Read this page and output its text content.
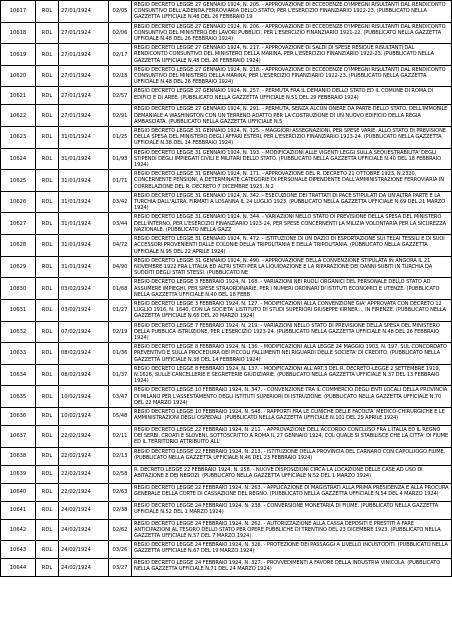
10617	RDL	27/01/1924	02/05	REGIO DECRETO LEGGE 27 GENNAIO 1924, N. 205. - APPROVAZIONE DI ECCEDENZE D'IMPEGNI RISULTANTI DAL RENDICONTO CONSUNTIVO DELL'AZIENDA FERROVIARIA DELLO STATO, PER L'ESERCIZIO FINANZIARIO 1922-23. (PUBBLICATO NELLA GAZZETTA UFFICIALE N.48 DEL 26 FEBBRAIO 19
10618	RDL	27/01/1924	02/06	REGIO DECRETO LEGGE 27 GENNAIO 1924, N. 206. - APPROVAZIONE DI ECCEDENZE D'IMPEGNI RISULTANTI DAL RENDICONTO CONSUNTIVO DEL MINISTERO DEI LAVORI PUBBLICI, PER L'ESERCIZIO FINANZIARIO 1921-22. (PUBBLICATO NELLA GAZZETTA UFFICIALE N.48 DEL 26 FEBBRAIO 1924)
10619	RDL	27/01/1924	02/17	REGIO DECRETO LEGGE 27 GENNAIO 1924, N. 217. - APPROVAZIONE DI SALDI DI SPESE RESIDUE RISULTANTI DAL RENDICONTO CONSUNTIVO DEL MINISTERO DELLA MARINA, PER L'ESERCIZIO FINANZIARIO 1922-23. (PUBBLICATO NELLA GAZZETTA UFFICIALE N.48 DEL 26 FEBBRAIO 1924)
10620	RDL	27/01/1924	02/18	REGIO DECRETO LEGGE 27 GENNAIO 1924, N. 218. - APPROVAZIONE DI ECCEDENZE D'IMPEGNI RISULTANTI DAL RENDICONTO CONSUNTIVO DEL MINISTERO DELLA MARINA, PER L'ESERCIZIO FINANZIARIO 1922-23. (PUBBLICATO NELLA GAZZETTA UFFICIALE N.48 DEL 26 FEBBRAIO 1924)
10621	RDL	27/01/1924	02/57	REGIO DECRETO LEGGE 27 GENNAIO 1924, N. 257. - PERMUTA FRA IL DEMANIO DELLO STATO ED IL COMUNE DI ROMA DI EDIFICI E DI AREE. (PUBBLICATO NELLA GAZZETTA UFFICIALE N.51 DEL 29 FEBBRAIO 1924)
10622	RDL	27/01/1924	02/91	REGIO DECRETO LEGGE 27 GENNAIO 1924, N. 291. - PERMUTA, SENZA ALCUN ONERE DA PARTE DELLO STATO, DELL'IMMOBILE DEMANIALE A WASHINGTON CON UN TERRENO ADATTO PER LA COSTRUZIONE DI UN NUOVO EDIFICIO DELLA REGIA AMBASCIATA. (PUBBLICATO NELLA GAZZETTA UFFICIALE N.5
10623	RDL	31/01/1924	01/25	REGIO DECRETO LEGGE 31 GENNAIO 1924, N. 125. - MAGGIORI ASSEGNAZIONI, PER SPESE VARIE, ALLO STATO DI PREVISIONE DELLA SPESA DEL MINISTERO DEGLI AFFARI ESTERI, PER L'ESERCIZIO FINANZIARIO 1923-24. (PUBBLICATO NELLA GAZZETTA UFFICIALE N.38 DEL 14 FEBBRAIO 1924)
10624	RDL	31/01/1924	01/93	REGIO DECRETO LEGGE 31 GENNAIO 1924, N. 193. - MODIFICAZIONI ALLE VIGENTI LEGGI SULLA SEQUESTRABILITA' DEGLI STIPENDI DEGLI IMPIEGATI CIVILI E MILITARI DELLO STATO. (PUBBLICATO NELLA GAZZETTA UFFICIALE N.40 DEL 18 FEBBRAIO 1924)
10625	RDL	31/01/1924	01/71	REGIO DECRETO LEGGE 31 GENNAIO 1924, N. 171. - APPROVAZIONE DEL R. DECRETO 21 OTTOBRE 1923, N.2320, CONCERNENTE PENSIONI, A DETERMINATE CATEGORIE DI PERSONALE DIPENDENTE DALL'AMMINISTRAZIONE FERROVIARIA IN CORRELAZIONE DEL R. DECRETO 7 DICEMBRE 1923, N.2
10626	RDL	31/01/1924	03/42	REGIO DECRETO LEGGE 31 GENNAIO 1924, N. 342. - ESECUZIONE DEI TRATTATI DI PACE STIPULATI DA UN'ALTRA PARTE E LA TURCHIA DALL'ALTRA, FIRMATI A LOSANNA IL 24 LUGLIO 1923. (PUBBLICATO NELLA GAZZETTA UFFICIALE N.69 DEL 21 MARZO 1924)
10627	RDL	31/01/1924	03/44	REGIO DECRETO LEGGE 31 GENNAIO 1924, N. 344. - VARIAZIONI NELLO STATO DI PREVISIONE DELLA SPESA DEL MINISTERO DELL'INTERNO, PER L'ESERCIZIO FINANZIARIO 1923-24, PER SPESE CONCERNENTI LA MILIZIA VOLONTARIA PER LA SICUREZZA NAZIONALE. (PUBBLICATO NELLA GAZZ
10628	RDL	31/01/1924	04/72	REGIO DECRETO LEGGE 31 GENNAIO 1924, N. 472. - ISTITUZIONE DI UN DAZIO DI ESPORTAZIONE SUI TELAI TESSILI E DI SUOI ACCESSORI PROVENIENTI DALLE COLONIE DELLA TRIPOLITANIA E DELLA TRIPOLITANIA. (PUBBLICATO NELLA GAZZETTA UFFICIALE N.95 DEL 22 APRILE 1924)
10629	RDL	31/01/1924	04/90	REGIO DECRETO LEGGE 31 GENNAIO 1924, N. 490. - APPROVAZIONE DELLA CONVENZIONE STIPULATA IN ANGORA IL 21 NOVEMBRE 1922 FRA L'ITALIA ED ALTRI STATI PER LA LIQUIDAZIONE E LA RIPARAZIONE DEI DANNI SUBITI IN TURCHIA DA SUDDITI DEGLI STATI STESSI. (PUBBLICATO NE
10630	RDL	03/02/1924	01/68	REGIO DECRETO LEGGE 3 FEBBRAIO 1924, N. 168. - VARIAZIONI NEI RUOLI ORGANICI DEL PERSONALE DELLO STATO AD ASSUMERE IMPIEGHI, PER SPESE STRAORDINARIE, PER I NUMERI ORDINARI DI ISTITUTI ECONOMICI E UTENZE. (PUBBLICATO NELLA GAZZETTA UFFICIALE N.40 DEL 18 FEBB
10631	RDL	03/02/1924	01/27	REGIO DECRETO LEGGE 3 FEBBRAIO 1924, N. 127. - MODIFICAZIONI ALLA CONVENZIONE GIA' APPROVATA CON DECRETO 12 LUGLIO 1916, N. 1640, CON LA SOCIETA' LISTITUTO DI STUDI SUPERIORI GIUSEPPE KIRNER..., IN FIRENZE. (PUBBLICATO NELLA GAZZETTA UFFICIALE N.66 DEL 20 MARZO 1924)
10632	RDL	07/02/1924	02/19	REGIO DECRETO LEGGE 7 FEBBRAIO 1924, N. 219. - VARIAZIONI NELLO STATO DI PREVISIONE DELLA SPESA DEL MINISTERO DELLA PUBBLICA ISTRUZIONE, PER L'ESERCIZIO 1923-24. (PUBBLICATO NELLA GAZZETTA UFFICIALE N.48 DEL 26 FEBBRAIO 1924)
10633	RDL	08/02/1924	01/36	REGIO DECRETO LEGGE 8 FEBBRAIO 1924, N. 136. - MODIFICAZIONI ALLA LEGGE 24 MAGGIO 1903, N. 197, SUL CONCORDATO PREVENTIVO E SULLA PROCEDURA DEI PICCOLI FALLIMENTI NEI RIGUARDI DELLE SOCIETA' DI CREDITO. (PUBBLICATO NELLA GAZZETTA UFFICIALE N.38 DEL 14 FEBBRAIO 1924)
10634	RDL	08/02/1924	01/37	REGIO DECRETO LEGGE 8 FEBBRAIO 1924, N. 137. - MODIFICAZIONI ALL'ART.3 DEL R. DECRETO-LEGGE 2 SETTEMBRE 1919, N.1626, SULLE CANCELLERIE E SEGRETERIE GIUDIZIARIE. (PUBBLICATO NELLA GAZZETTA UFFICIALE N.37 DEL 13 FEBBRAIO 1924)
10635	RDL	10/02/1924	03/47	REGIO DECRETO LEGGE 10 FEBBRAIO 1924, N. 347. - CONVENZIONE TRA IL COMMERCIO DEGLI ENTI LOCALI DELLA PROVINCIA DI MILANO PER L'ASSESTAMENTO DEGLI ISTITUTI SUPERIORI DI ISTRUZIONE. (PUBBLICATO NELLA GAZZETTA UFFICIALE N.70 DEL 22 MARZO 1924)
10636	RDL	10/02/1924	05/48	REGIO DECRETO LEGGE 10 FEBBRAIO 1924, N. 548. - RAPPORTI FRA LE CLINICHE DELLE FACOLTA' MEDICO-CHIRURGICHE E LE AMMINISTRAZIONI DEGLI OSPEDALI. (PUBBLICATO NELLA GAZZETTA UFFICIALE N.101 DEL 29 APRILE 1924)
10637	RDL	22/02/1924	02/11	REGIO DECRETO LEGGE 22 FEBBRAIO 1924, N. 211. - APPROVAZIONE DELL'ACCORDO CONCLUSO FRA L'ITALIA ED IL REGNO DEI SERBI, CROATI E SLOVENI, SOTTOSCRITTO A ROMA IL 27 GENNAIO 1924, COL QUALE SI STABILISCE CHE LA CITTA' DI FIUME ED IL TERRITORIO ATTRIBUITO ALL'
10638	RDL	22/02/1924	02/13	REGIO DECRETO LEGGE 22 FEBBRAIO 1924, N. 213. - ISTITUZIONE DELLA PROVINCIA DEL CARNARO CON CAPOLUOGO FIUME. (PUBBLICATO NELLA GAZZETTA UFFICIALE N.46 DEL 23 FEBBRAIO 1924)
10639	RDL	22/02/1924	02/58	R. DECRETO LEGGE 22 FEBBRAIO 1924, N. 258. - NUOVE DISPOSIZIONI CIRCA LA LOCAZIONE DELLE CASE AD USO DI ABITAZIONE E DEI NEGOZI. (PUBBLICATO NELLA GAZZETTA UFFICIALE N.52 DEL 1 MARZO 1924)
10640	RDL	22/02/1924	02/63	REGIO DECRETO LEGGE 22 FEBBRAIO 1924, N. 263. - APPLICAZIONE DI MAGISTRATI ALLA PRIMA PRESIDENZA E ALLA PROCURA GENERALE DELLA CORTE DI CASSAZIONE DEL REGNO. (PUBBLICATO NELLA GAZZETTA UFFICIALE N.54 DEL 4 MARZO 1924)
10641	RDL	24/02/1924	02/38	REGIO DECRETO LEGGE 24 FEBBRAIO 1924, N. 238. - CONVERSIONE MONETARIA DI FIUME. (PUBBLICATO NELLA GAZZETTA UFFICIALE N.52 DEL 1 MARZO 1924)
10642	RDL	24/02/1924	02/62	REGIO DECRETO LEGGE 24 FEBBRAIO 1924, N. 262. - AUTORIZZAZIONE ALLA CASSA DEPOSITI E PRESTITI A FARE ANTICIPAZIONI AL TESORO DELLO STATO PER OPERE PUBBLICHE DI TRENTINO DEL 23 DICEMBRE 1923. (PUBBLICATO NELLA GAZZETTA UFFICIALE N.57 DEL 7 MARZO 1924)
10643	RDL	24/02/1924	03/26	REGIO DECRETO LEGGE 24 FEBBRAIO 1924, N. 326. - PROTEZIONE DEI PASSAGGI A LIVELLO INCUSTODITI. (PUBBLICATO NELLA GAZZETTA UFFICIALE N.67 DEL 19 MARZO 1924)
10644	RDL	24/02/1924	03/27	REGIO DECRETO LEGGE 24 FEBBRAIO 1924, N. 327. - PROVVEDIMENTI A FAVORE DELLA INDUSTRIA VINICOLA. (PUBBLICATO NELLA GAZZETTA UFFICIALE N.71 DEL 24 MARZO 1924)
